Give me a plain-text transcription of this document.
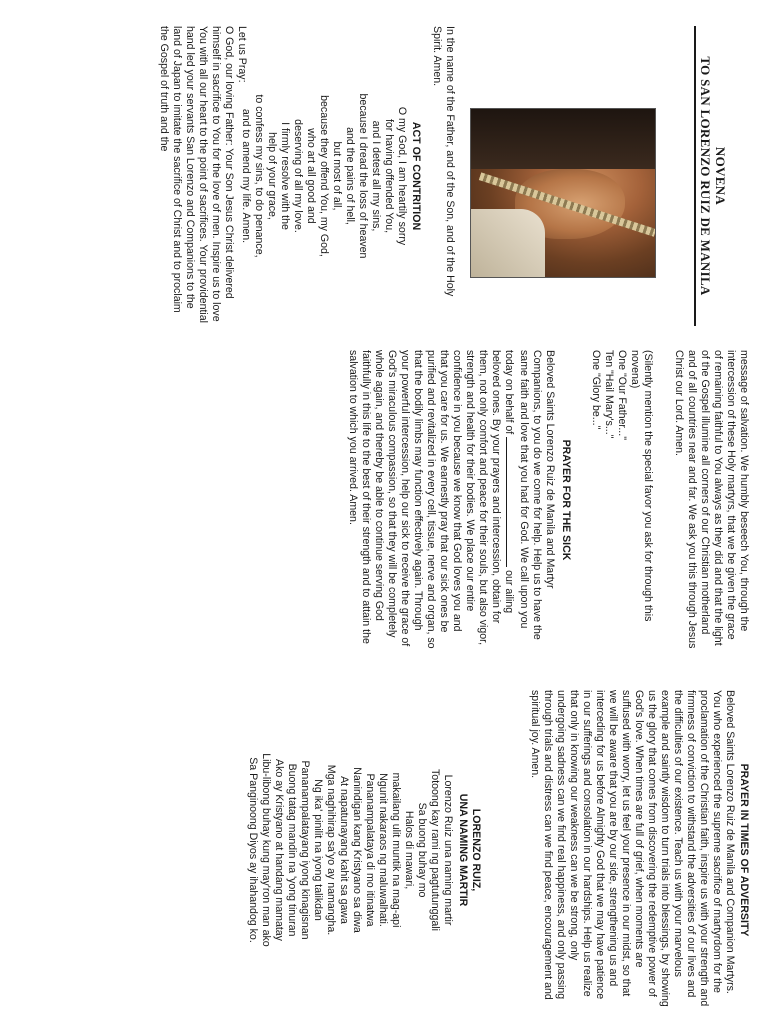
NOVENA
TO SAN LORENZO RUIZ DE MANILA

In the name of the Father, and of the Son, and of the Holy Spirit. Amen.

ACT OF CONTRITION

O my God, I am heartily sorry
for having offended You,
and I detest all my sins,
because I dread the loss of heaven
and the pains of hell,
but most of all,
because they offend You, my God,
who art all good and
deserving of all my love.
I firmly resolve with the
help of your grace,
to confess my sins, to do penance,
and to amend my life. Amen.

Let us Pray:

O God, our loving Father: Your Son Jesus Christ delivered himself in sacrifice to You for the love of men. Inspire us to love You with all our heart to the point of sacrifices. Your providential hand led your servants San Lorenzo and Companions to the land of Japan to imitate the sacrifice of Christ and to proclaim the Gospel of truth and the

message of salvation. We humbly beseech You, through the intercession of these Holy martyrs, that we be given the grace of remaining faithful to You always as they did and that the light of the Gospel illumine all corners of our Christian motherland and of all countries near and far. We ask you this through Jesus Christ our Lord. Amen.

(Silently mention the special favor you ask for through this novena)
One "Our Father..."
Ten "Hail Mary's..."
One "Glory be..."

PRAYER FOR THE SICK

Beloved Saints Lorenzo Ruiz de Manila and Martyr Companions, to you do we come for help. Help us to have the same faith and love that you had for God. We call upon you today on behalf of  our ailing beloved ones. By your prayers and intercession, obtain for them, not only comfort and peace for their souls, but also vigor, strength and health for their bodies. We place our entire confidence in you because we know that God loves you and that you care for us. We earnestly pray that our sick ones be purified and revitalized in every cell, tissue, nerve and organ, so that the bodily limbs may function effectively again. Through your powerful intercession, help our sick to receive the grace of God's miraculous compassion, so that they will be completely whole again, and thereby be able to continue serving God faithfully in this life to the best of their strength and to attain the salvation to which you arrived. Amen.

PRAYER IN TIMES OF ADVERSITY

Beloved Saints Lorenzo Ruiz de Manila and Companion Martyrs. You who experienced the supreme sacrifice of martyrdom for the proclamation of the Christian faith, inspire us with your strength and firmness of conviction to withstand the adversities of our lives and the difficulties of our existence. Teach us with your marvelous example and saintly wisdom to turn trials into blessings, by showing us the glory that comes from discovering the redemptive power of God's love. When times are full of grief, when moments are suffused with worry, let us feel your presence in our midst, so that we will be aware that you are by our side, strengthening us and interceding for us before Almighty God that we may have patience in our sufferings and consolation in our hardships. Help us realize that only in knowing our weakness can we be strong, only undergoing sadness can we find real happiness, and only passing through trials and distress can we find peace, encouragement and spiritual joy. Amen.

LORENZO RUIZ,
UNA NAMING MARTIR

Lorenzo Ruiz una naming martir
Totoong kay rami ng pagtutunggali
Sa buong buhay mo
Halos di mawari,
makailang ulit muntik na mag-api
Ngunit nakaraos ng maluwalhati.
Pananampalataya di mo itinatwa
Nanindigan kang Kristyano sa diwa
At napatunayang kahit sa gawa
Mga naghihirap sa'yo ay namangha.
Ng ika' pinilit na iyong talikdan
Pananampalatayang iyong kinagisnan
Buong tatag mandin na 'yong tinuran
Ako ay Kristyano at handang mamatay
Libu-libong buhay kung may'ron man ako
Sa Panginoong Diyos ay ihahandog ko.
